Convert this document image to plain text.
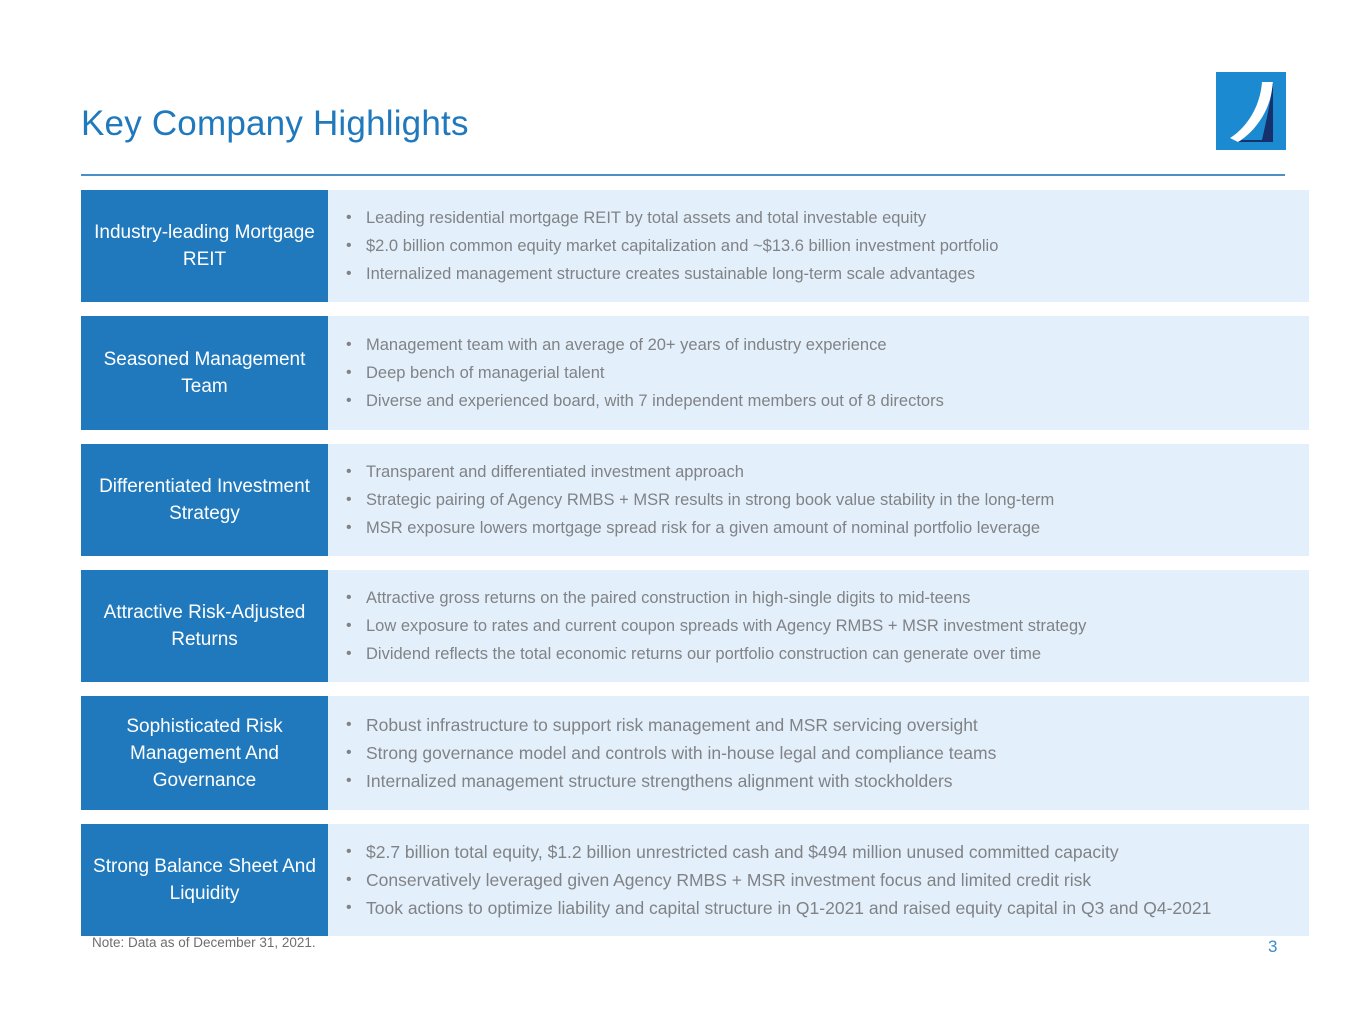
Key Company Highlights
Industry-leading Mortgage REIT
• Leading residential mortgage REIT by total assets and total investable equity
• $2.0 billion common equity market capitalization and ~$13.6 billion investment portfolio
• Internalized management structure creates sustainable long-term scale advantages
Seasoned Management Team
• Management team with an average of 20+ years of industry experience
• Deep bench of managerial talent
• Diverse and experienced board, with 7 independent members out of 8 directors
Differentiated Investment Strategy
• Transparent and differentiated investment approach
• Strategic pairing of Agency RMBS + MSR results in strong book value stability in the long-term
• MSR exposure lowers mortgage spread risk for a given amount of nominal portfolio leverage
Attractive Risk-Adjusted Returns
• Attractive gross returns on the paired construction in high-single digits to mid-teens
• Low exposure to rates and current coupon spreads with Agency RMBS + MSR investment strategy
• Dividend reflects the total economic returns our portfolio construction can generate over time
Sophisticated Risk Management And Governance
• Robust infrastructure to support risk management and MSR servicing oversight
• Strong governance model and controls with in-house legal and compliance teams
• Internalized management structure strengthens alignment with stockholders
Strong Balance Sheet And Liquidity
• $2.7 billion total equity, $1.2 billion unrestricted cash and $494 million unused committed capacity
• Conservatively leveraged given Agency RMBS + MSR investment focus and limited credit risk
• Took actions to optimize liability and capital structure in Q1-2021 and raised equity capital in Q3 and Q4-2021
Note: Data as of December 31, 2021.	3
